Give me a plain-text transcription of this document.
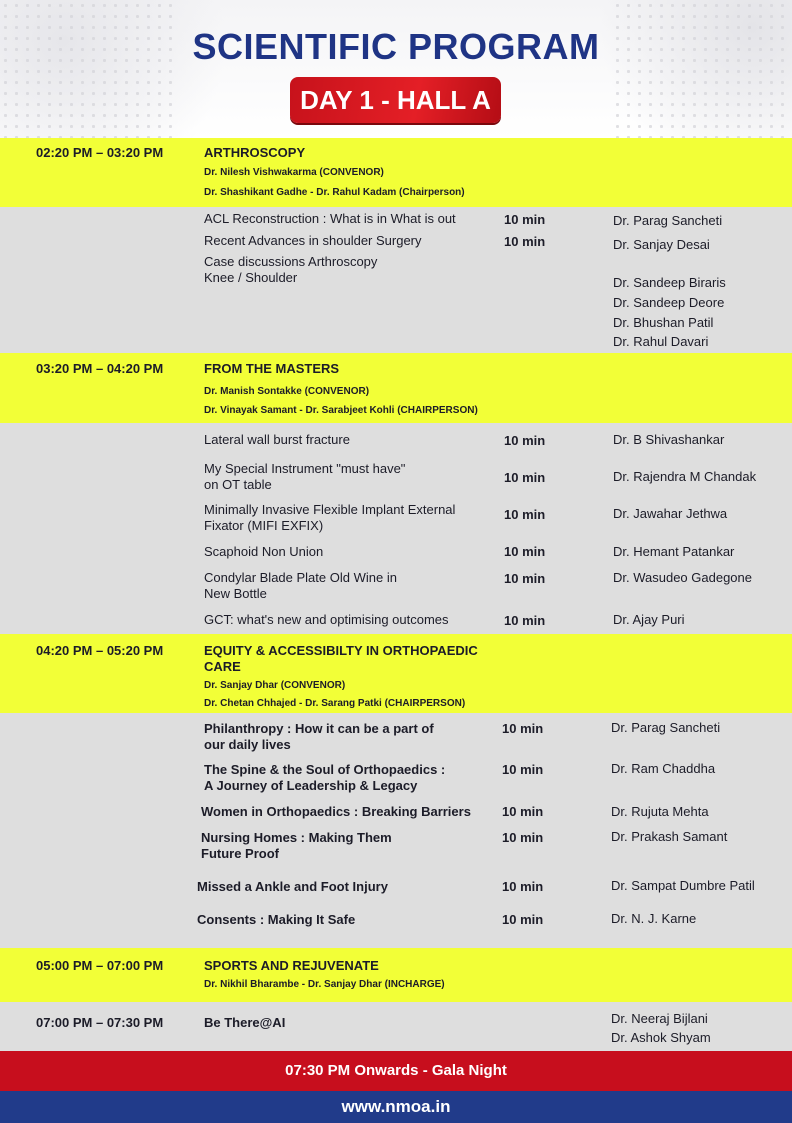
SCIENTIFIC PROGRAM
DAY 1 - HALL A
02:20 PM – 03:20 PM	ARTHROSCOPY
Dr. Nilesh Vishwakarma (CONVENOR)
Dr. Shashikant Gadhe - Dr. Rahul Kadam (Chairperson)
ACL Reconstruction : What is in What is out	10 min	Dr. Parag Sancheti
Recent Advances in shoulder Surgery	10 min	Dr. Sanjay Desai
Case discussions Arthroscopy
Knee / Shoulder	Dr. Sandeep Biraris
Dr. Sandeep Deore
Dr. Bhushan Patil
Dr. Rahul Davari
03:20 PM – 04:20 PM	FROM THE MASTERS
Dr. Manish Sontakke (CONVENOR)
Dr. Vinayak Samant - Dr. Sarabjeet Kohli (CHAIRPERSON)
Lateral wall burst fracture	10 min	Dr. B Shivashankar
My Special Instrument "must have"
on OT table	10 min	Dr. Rajendra M Chandak
Minimally Invasive Flexible Implant External
Fixator (MIFI EXFIX)
10 min	Dr. Jawahar Jethwa
Scaphoid Non Union	10 min	Dr. Hemant Patankar
Condylar Blade Plate Old Wine in
New Bottle
10 min	Dr. Wasudeo Gadegone
GCT: what's new and optimising outcomes	10 min	Dr. Ajay Puri
04:20 PM – 05:20 PM	EQUITY & ACCESSIBILTY IN ORTHOPAEDIC
CARE
Dr. Sanjay Dhar (CONVENOR)
Dr. Chetan Chhajed - Dr. Sarang Patki (CHAIRPERSON)
Philanthropy : How it can be a part of
our daily lives
10 min	Dr. Parag Sancheti
The Spine & the Soul of Orthopaedics :
A Journey of Leadership & Legacy
10 min	Dr. Ram Chaddha
Women in Orthopaedics : Breaking Barriers 10 min	Dr. Rujuta Mehta
Nursing Homes : Making Them
Future Proof
10 min	Dr. Prakash Samant
Missed a Ankle and Foot Injury	10 min	Dr. Sampat Dumbre Patil
Consents : Making It Safe	10 min	Dr. N. J. Karne
05:00 PM – 07:00 PM	SPORTS AND REJUVENATE
Dr. Nikhil Bharambe - Dr. Sanjay Dhar (INCHARGE)
07:00 PM – 07:30 PM	Be There@AI	Dr. Neeraj Bijlani
Dr. Ashok Shyam
07:30 PM Onwards - Gala Night
www.nmoa.in
